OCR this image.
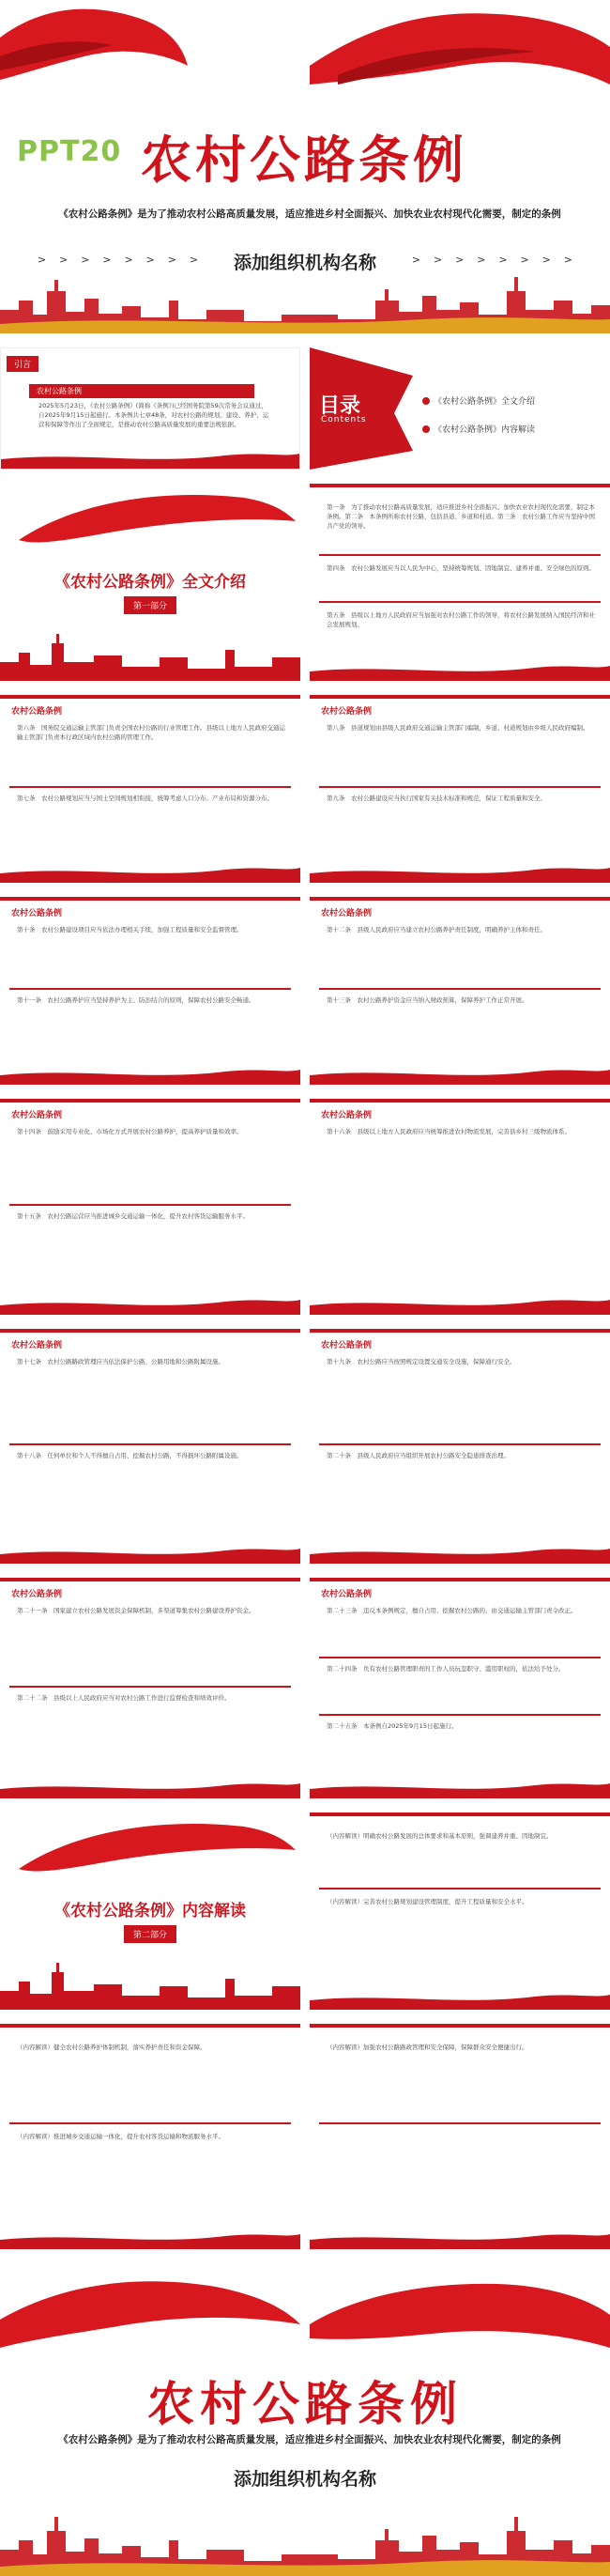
PPT20 农村公路条例
《农村公路条例》是为了推动农村公路高质量发展，适应推进乡村全面振兴、加快农业农村现代化需要，制定的条例
> > > > > > > >	> > > > > > > >
添加组织机构名称
引言
农村公路条例
2025年5月23日，《农村公路条例》(简称《条例》)已经国务院第59次常务会议通过，自2025年9月15日起施行。本条例共七章48条，对农村公路的规划、建设、养护、运营和保障等作出了全面规定，是推动农村公路高质量发展的重要法规依据。
目录
Contents
《农村公路条例》全文介绍
《农村公路条例》内容解读
《农村公路条例》全文介绍
第一部分
第一条　为了推动农村公路高质量发展，适应推进乡村全面振兴、加快农业农村现代化需要，制定本条例。第二条　本条例所称农村公路，包括县道、乡道和村道。第三条　农村公路工作应当坚持中国共产党的领导。
第四条　农村公路发展应当以人民为中心，坚持统筹规划、因地制宜、建养并重、安全绿色的原则。
第五条　县级以上地方人民政府应当加强对农村公路工作的领导，将农村公路发展纳入国民经济和社会发展规划。
农村公路条例
第六条　国务院交通运输主管部门负责全国农村公路的行业管理工作。县级以上地方人民政府交通运输主管部门负责本行政区域内农村公路的管理工作。
第七条　农村公路规划应当与国土空间规划相衔接，统筹考虑人口分布、产业布局和资源分布。
农村公路条例
第八条　县道规划由县级人民政府交通运输主管部门编制，乡道、村道规划由乡级人民政府编制。
第九条　农村公路建设应当执行国家有关技术标准和规范，保证工程质量和安全。
农村公路条例
第十条　农村公路建设项目应当依法办理相关手续，加强工程质量和安全监督管理。
第十一条　农村公路养护应当坚持养护为主、防治结合的原则，保障农村公路安全畅通。
农村公路条例
第十二条　县级人民政府应当建立农村公路养护责任制度，明确养护主体和责任。
第十三条　农村公路养护资金应当纳入财政预算，保障养护工作正常开展。
农村公路条例
第十四条　鼓励采用专业化、市场化方式开展农村公路养护，提高养护质量和效率。
第十五条　农村公路运营应当推进城乡交通运输一体化，提升农村客货运输服务水平。
农村公路条例
第十六条　县级以上地方人民政府应当统筹推进农村物流发展，完善县乡村三级物流体系。
农村公路条例
第十七条　农村公路路政管理应当依法保护公路、公路用地和公路附属设施。
第十八条　任何单位和个人不得擅自占用、挖掘农村公路，不得损坏公路附属设施。
农村公路条例
第十九条　农村公路应当按照规定设置交通安全设施，保障通行安全。
第二十条　县级人民政府应当组织开展农村公路安全隐患排查治理。
农村公路条例
第二十一条　国家建立农村公路发展资金保障机制，多渠道筹集农村公路建设养护资金。
第二十二条　县级以上人民政府应当对农村公路工作进行监督检查和绩效评价。
农村公路条例
第二十三条　违反本条例规定，擅自占用、挖掘农村公路的，由交通运输主管部门责令改正。
第二十四条　负有农村公路管理职责的工作人员玩忽职守、滥用职权的，依法给予处分。
第二十五条　本条例自2025年9月15日起施行。
《农村公路条例》内容解读
第二部分
（内容解读）明确农村公路发展的总体要求和基本原则，强调建养并重、因地制宜。
（内容解读）完善农村公路规划建设管理制度，提升工程质量和安全水平。
（内容解读）健全农村公路养护体制机制，落实养护责任和资金保障。
（内容解读）推进城乡交通运输一体化，提升农村客货运输和物流服务水平。
（内容解读）加强农村公路路政管理和安全保障，保障群众安全便捷出行。
农村公路条例
《农村公路条例》是为了推动农村公路高质量发展，适应推进乡村全面振兴、加快农业农村现代化需要，制定的条例
添加组织机构名称
